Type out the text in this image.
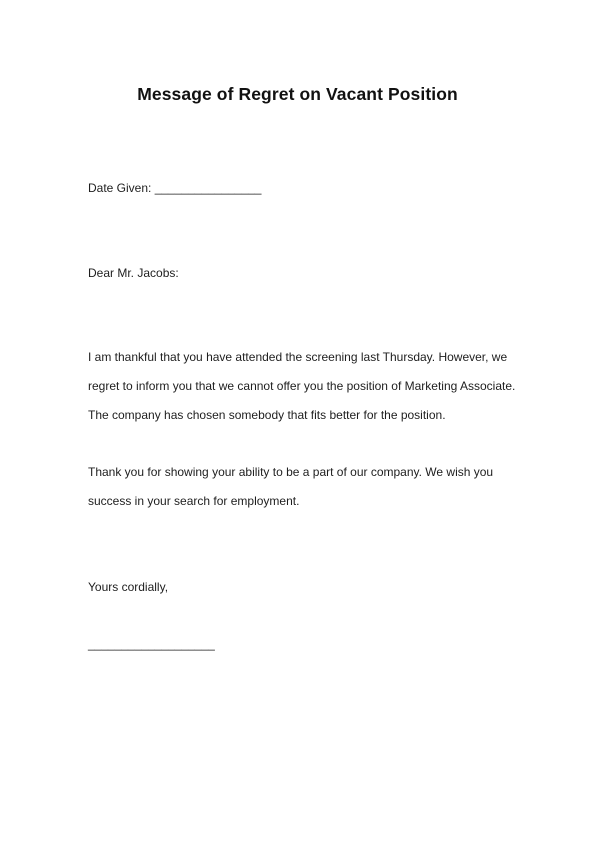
Message of Regret on Vacant Position
Date Given: ________________
Dear Mr. Jacobs:
I am thankful that you have attended the screening last Thursday. However, we
regret to inform you that we cannot offer you the position of Marketing Associate.
The company has chosen somebody that fits better for the position.
Thank you for showing your ability to be a part of our company. We wish you
success in your search for employment.
Yours cordially,
___________________
